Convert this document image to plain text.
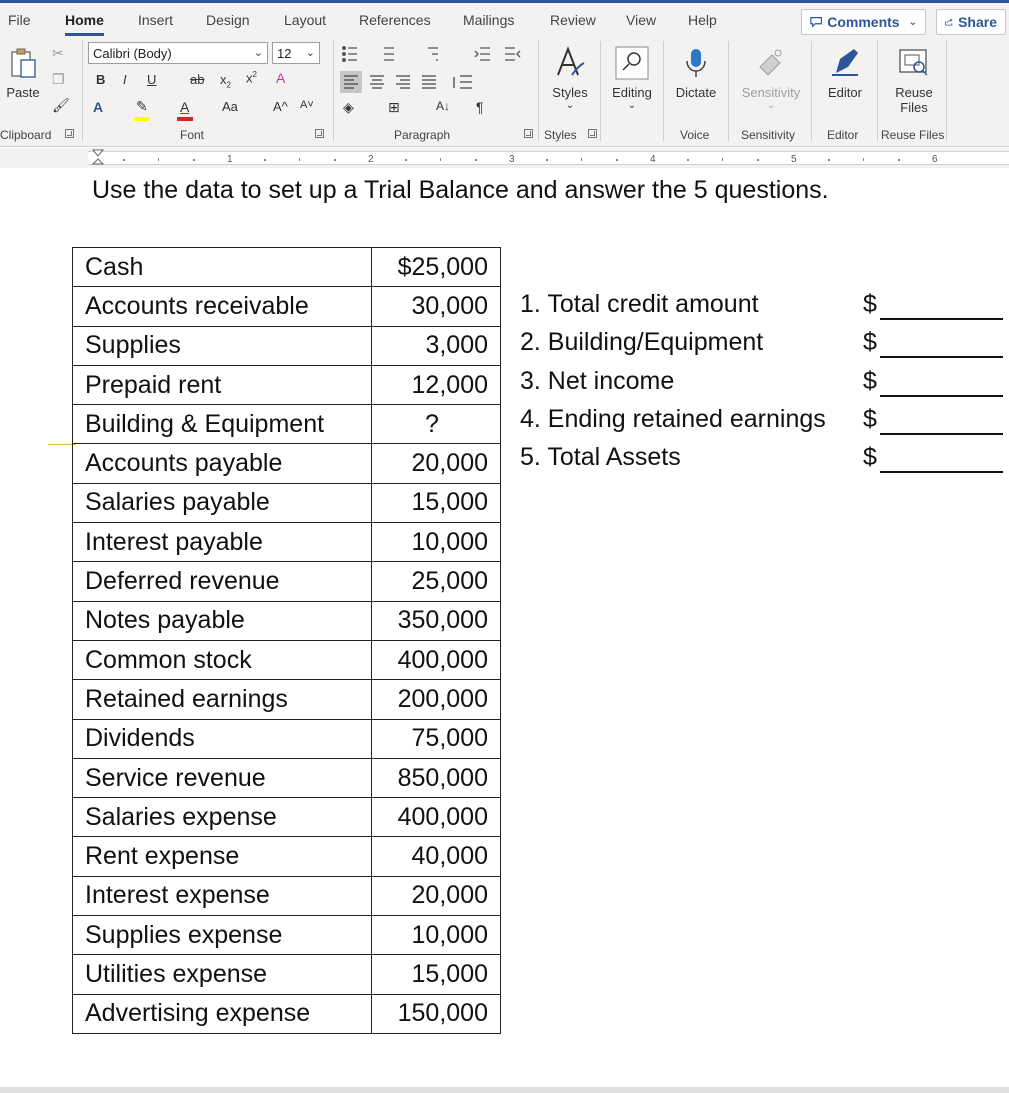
File Home Insert Design Layout References Mailings	Review View Help	Comments ⌄	Share
Paste
✂
❐
🖌
Clipboard
Calibri (Body)	⌄ 12 ⌄
B I U	ab $x_2$ $x^2$ A
A ✎ A	Aa	A^ A˅
Font
◈ ⊞	A↓ ¶
Paragraph
Styles
⌄
Styles
Editing
⌄
Dictate
Voice
Sensitivity
⌄
Sensitivity
Editor
Editor
Reuse
Files
Reuse Files
1	2	3	4	5	6
Use the data to set up a Trial Balance and answer the 5 questions.
Cash	$25,000
Accounts receivable	30,000
Supplies	3,000
Prepaid rent	12,000
Building & Equipment	?
Accounts payable	20,000
Salaries payable	15,000
Interest payable	10,000
Deferred revenue	25,000
Notes payable	350,000
Common stock	400,000
Retained earnings	200,000
Dividends	75,000
Service revenue	850,000
Salaries expense	400,000
Rent expense	40,000
Interest expense	20,000
Supplies expense	10,000
Utilities expense	15,000
Advertising expense	150,000
1. Total credit amount	$
2. Building/Equipment	$
3. Net income	$
4. Ending retained earnings $
5. Total Assets	$
